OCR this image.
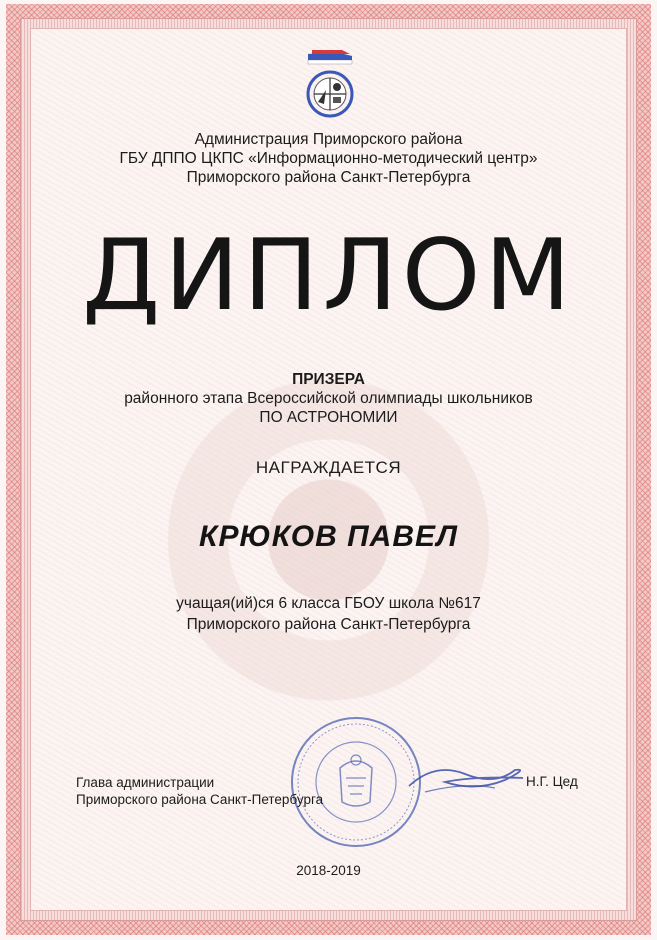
Администрация Приморского района
ГБУ ДППО ЦКПС «Информационно-методический центр»
Приморского района Санкт-Петербурга
ДИПЛОМ
ПРИЗЕРА
районного этапа Всероссийской олимпиады школьников
ПО АСТРОНОМИИ
НАГРАЖДАЕТСЯ
КРЮКОВ ПАВЕЛ
учащая(ий)ся 6 класса ГБОУ школа №617
Приморского района Санкт-Петербурга
Глава администрации
Приморского района Санкт-Петербурга
Н.Г. Цед
2018-2019
